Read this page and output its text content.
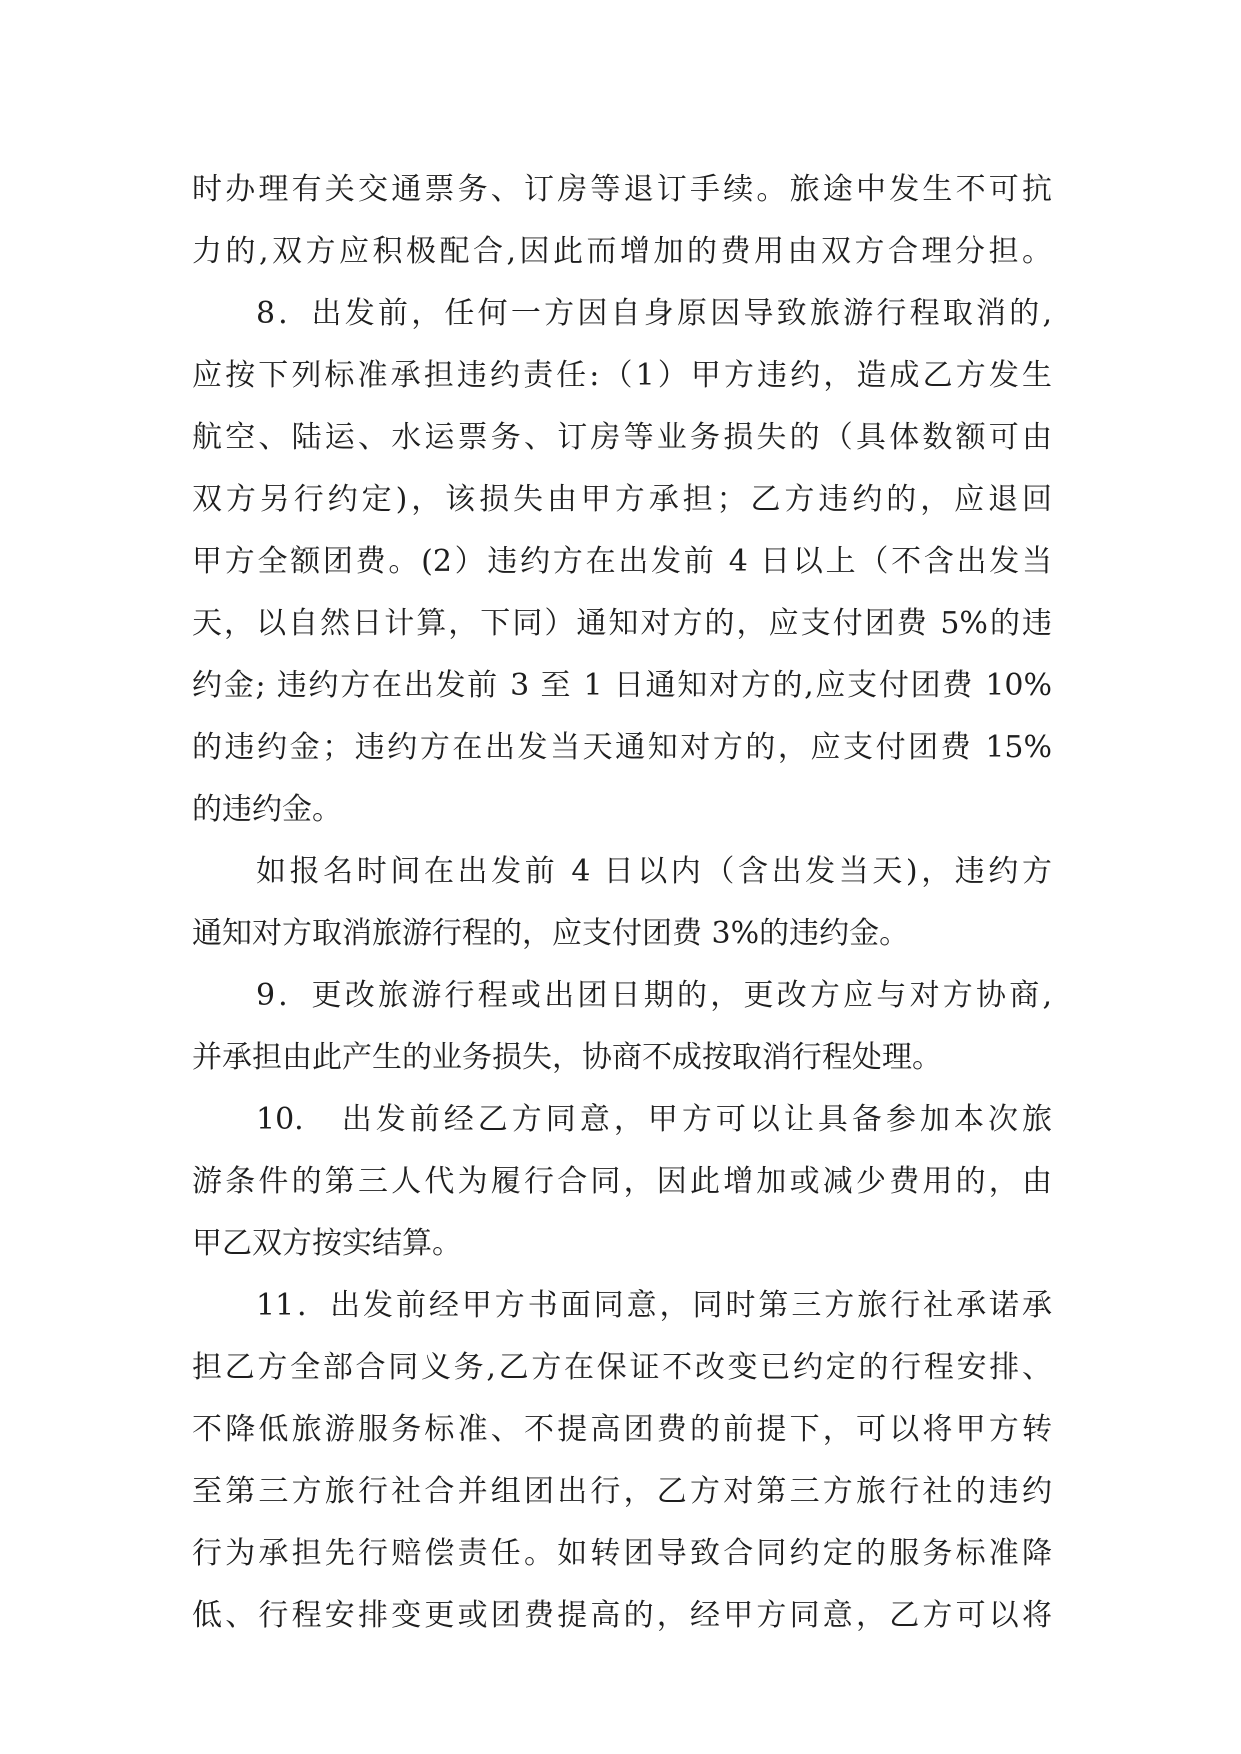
时办理有关交通票务、订房等退订手续。旅途中发生不可抗
力的,双方应积极配合,因此而增加的费用由双方合理分担。
8．出发前，任何一方因自身原因导致旅游行程取消的,
应按下列标准承担违约责任:（1）甲方违约，造成乙方发生
航空、陆运、水运票务、订房等业务损失的（具体数额可由
双方另行约定)，该损失由甲方承担；乙方违约的，应退回
甲方全额团费。(2）违约方在出发前 4 日以上（不含出发当
天，以自然日计算，下同）通知对方的，应支付团费 5%的违
约金; 违约方在出发前 3 至 1 日通知对方的,应支付团费 10%
的违约金；违约方在出发当天通知对方的，应支付团费 15%
的违约金。
如报名时间在出发前 4 日以内（含出发当天)，违约方
通知对方取消旅游行程的，应支付团费 3%的违约金。
9．更改旅游行程或出团日期的，更改方应与对方协商,
并承担由此产生的业务损失，协商不成按取消行程处理。
10.　出发前经乙方同意，甲方可以让具备参加本次旅
游条件的第三人代为履行合同，因此增加或减少费用的，由
甲乙双方按实结算。
11．出发前经甲方书面同意，同时第三方旅行社承诺承
担乙方全部合同义务,乙方在保证不改变已约定的行程安排、
不降低旅游服务标准、不提高团费的前提下，可以将甲方转
至第三方旅行社合并组团出行，乙方对第三方旅行社的违约
行为承担先行赔偿责任。如转团导致合同约定的服务标准降
低、行程安排变更或团费提高的，经甲方同意，乙方可以将
